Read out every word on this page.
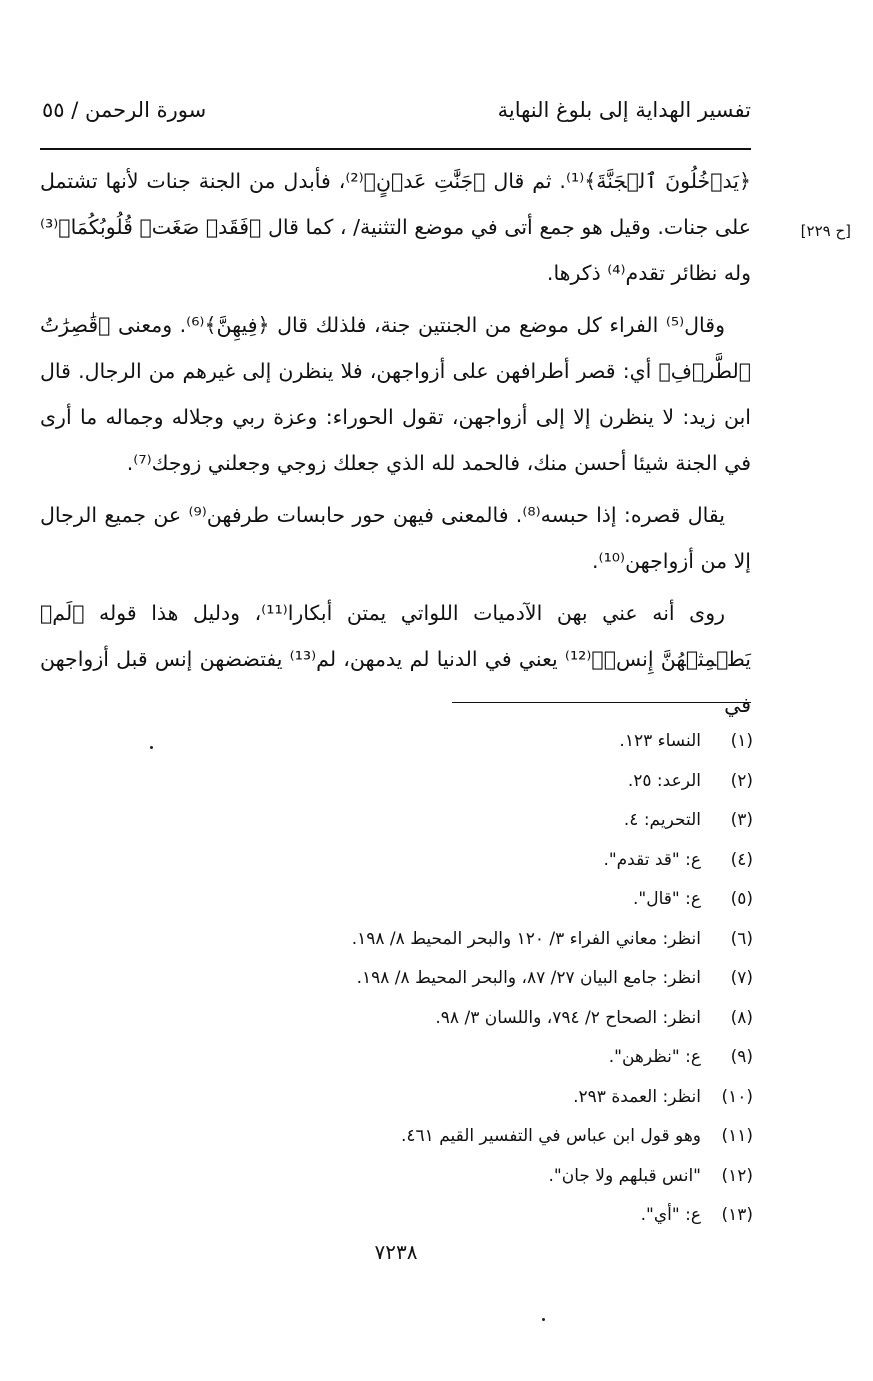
تفسير الهداية إلى بلوغ النهاية
سورة الرحمن / ٥٥
[ح ٢٢٩]

﴿يَدۡخُلُونَ ٱلۡجَنَّةَ﴾⁽¹⁾. ثم قال ﴿جَنَّٰتِ عَدۡنٍ﴾⁽²⁾، فأبدل من الجنة جنات لأنها تشتمل على جنات. وقيل هو جمع أتى في موضع التثنية/ ، كما قال ﴿فَقَدۡ صَغَتۡ قُلُوبُكُمَا﴾⁽³⁾ وله نظائر تقدم⁽⁴⁾ ذكرها.

وقال⁽⁵⁾ الفراء كل موضع من الجنتين جنة، فلذلك قال ﴿فِيهِنَّ﴾⁽⁶⁾. ومعنى ﴿قَٰصِرَٰتُ ٱلطَّرۡفِ﴾ أي: قصر أطرافهن على أزواجهن، فلا ينظرن إلى غيرهم من الرجال. قال ابن زيد: لا ينظرن إلا إلى أزواجهن، تقول الحوراء: وعزة ربي وجلاله وجماله ما أرى في الجنة شيئا أحسن منك، فالحمد لله الذي جعلك زوجي وجعلني زوجك⁽⁷⁾.

يقال قصره: إذا حبسه⁽⁸⁾. فالمعنى فيهن حور حابسات طرفهن⁽⁹⁾ عن جميع الرجال إلا من أزواجهن⁽¹⁰⁾.

روى أنه عني بهن الآدميات اللواتي يمتن أبكارا⁽¹¹⁾، ودليل هذا قوله ﴿لَمۡ يَطۡمِثۡهُنَّ إِنسٞ﴾⁽¹²⁾ يعني في الدنيا لم يدمهن، لم⁽¹³⁾ يفتضضهن إنس قبل أزواجهن في

(١)النساء ١٢٣.
(٢)الرعد: ٢٥.
(٣)التحريم: ٤.
(٤)ع: "قد تقدم".
(٥)ع: "قال".
(٦)انظر: معاني الفراء ٣/ ١٢٠ والبحر المحيط ٨/ ١٩٨.
(٧)انظر: جامع البيان ٢٧/ ٨٧، والبحر المحيط ٨/ ١٩٨.
(٨)انظر: الصحاح ٢/ ٧٩٤، واللسان ٣/ ٩٨.
(٩)ع: "نظرهن".
(١٠)انظر: العمدة ٢٩٣.
(١١)وهو قول ابن عباس في التفسير القيم ٤٦١.
(١٢)"انس قبلهم ولا جان".
(١٣)ع: "أي".
٧٢٣٨
